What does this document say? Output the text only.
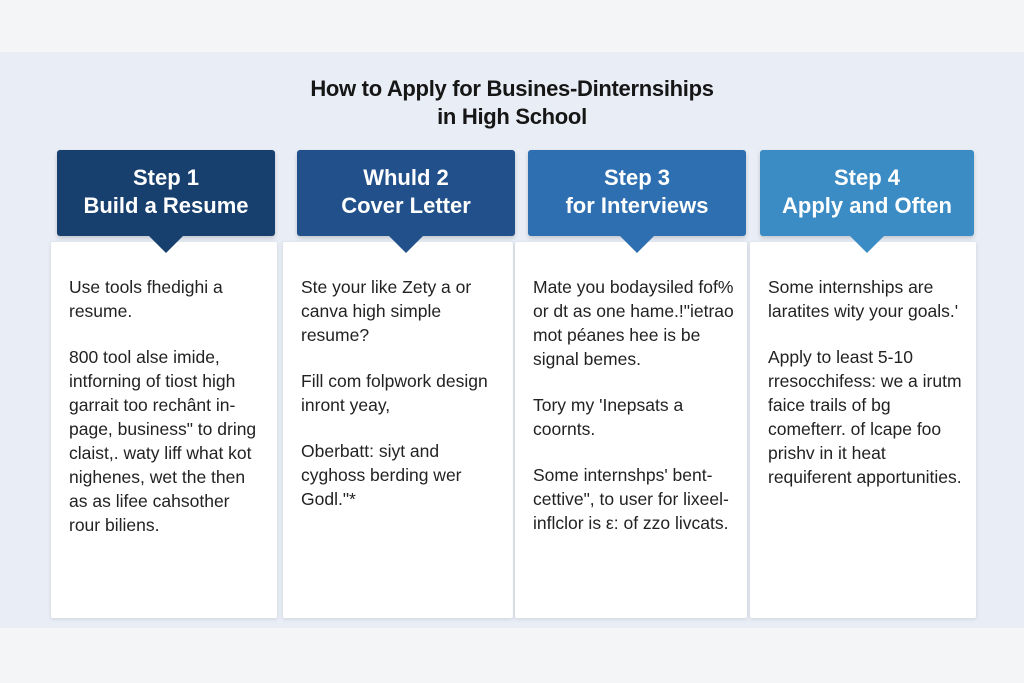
How to Apply for Busines-Dinternsihips
in High School
Step 1
Build a Resume

Use tools fhedighi a resume.

800 tool alse imide, intforning of tiost high garrait too rechânt in-page, business" to dring claist,. waty liff what kot nighenes, wet the then as as lifee cahsother rour biliens.

Whuld 2
Cover Letter

Ste your like Zety a or canva high simple resume?

Fill com folpwork design inront yeay,

Oberbatt: siyt and cyghoss berding wer Godl."*

Step 3
for Interviews

Mate you bodaysiled fof% or dt as one hame.!"ietrao mot péanes hee is be signal bemes.

Tory my 'Inepsats a coornts.

Some internshps' bent-cettive", to user for lixeel-inflclor is ε: of zzo livcats.

Step 4
Apply and Often

Some internships are laratites wity your goals.'

Apply to least 5-10 rresocchifess: we a irutm faice trails of bg comefterr. of lcape foo prishv in it heat requiferent apportunities.
